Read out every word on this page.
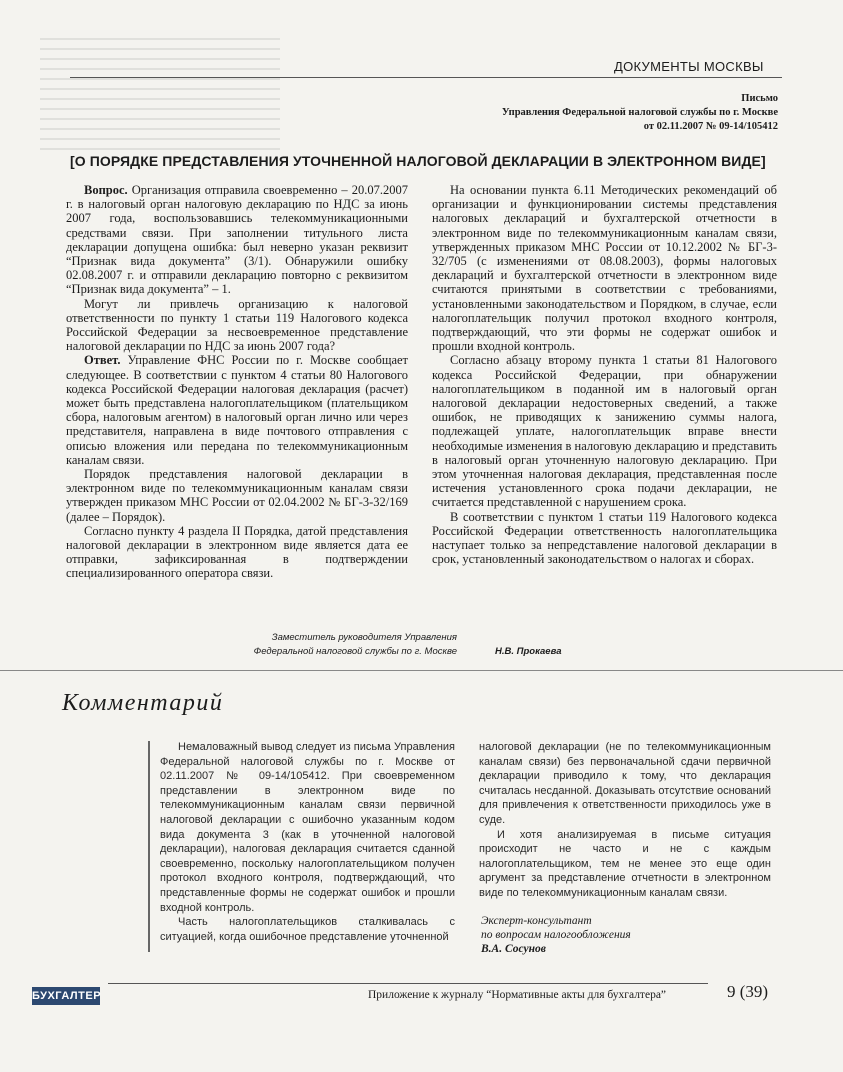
ДОКУМЕНТЫ МОСКВЫ
Письмо
Управления Федеральной налоговой службы по г. Москве
от 02.11.2007 № 09-14/105412
[О ПОРЯДКЕ ПРЕДСТАВЛЕНИЯ УТОЧНЕННОЙ НАЛОГОВОЙ ДЕКЛАРАЦИИ В ЭЛЕКТРОННОМ ВИДЕ]

Вопрос. Организация отправила своевременно – 20.07.2007 г. в налоговый орган налоговую декларацию по НДС за июнь 2007 года, воспользовавшись телекоммуникационными средствами связи. При заполнении титульного листа декларации допущена ошибка: был неверно указан реквизит “Признак вида документа” (3/1). Обнаружили ошибку 02.08.2007 г. и отправили декларацию повторно с реквизитом “Признак вида документа” – 1.

Могут ли привлечь организацию к налоговой ответственности по пункту 1 статьи 119 Налогового кодекса Российской Федерации за несвоевременное представление налоговой декларации по НДС за июнь 2007 года?

Ответ. Управление ФНС России по г. Москве сообщает следующее. В соответствии с пунктом 4 статьи 80 Налогового кодекса Российской Федерации налоговая декларация (расчет) может быть представлена налогоплательщиком (плательщиком сбора, налоговым агентом) в налоговый орган лично или через представителя, направлена в виде почтового отправления с описью вложения или передана по телекоммуникационным каналам связи.

Порядок представления налоговой декларации в электронном виде по телекоммуникационным каналам связи утвержден приказом МНС России от 02.04.2002 № БГ-3-32/169 (далее – Порядок).

Согласно пункту 4 раздела II Порядка, датой представления налоговой декларации в электронном виде является дата ее отправки, зафиксированная в подтверждении специализированного оператора связи.

На основании пункта 6.11 Методических рекомендаций об организации и функционировании системы представления налоговых деклараций и бухгалтерской отчетности в электронном виде по телекоммуникационным каналам связи, утвержденных приказом МНС России от 10.12.2002 № БГ-3-32/705 (с изменениями от 08.08.2003), формы налоговых деклараций и бухгалтерской отчетности в электронном виде считаются принятыми в соответствии с требованиями, установленными законодательством и Порядком, в случае, если налогоплательщик получил протокол входного контроля, подтверждающий, что эти формы не содержат ошибок и прошли входной контроль.

Согласно абзацу второму пункта 1 статьи 81 Налогового кодекса Российской Федерации, при обнаружении налогоплательщиком в поданной им в налоговый орган налоговой декларации недостоверных сведений, а также ошибок, не приводящих к занижению суммы налога, подлежащей уплате, налогоплательщик вправе внести необходимые изменения в налоговую декларацию и представить в налоговый орган уточненную налоговую декларацию. При этом уточненная налоговая декларация, представленная после истечения установленного срока подачи декларации, не считается представленной с нарушением срока.

В соответствии с пунктом 1 статьи 119 Налогового кодекса Российской Федерации ответственность налогоплательщика наступает только за непредставление налоговой декларации в срок, установленный законодательством о налогах и сборах.

Заместитель руководителя Управления
Федеральной налоговой службы по г. Москве	Н.В. Прокаева
Комментарий

Немаловажный вывод следует из письма Управления Федеральной налоговой службы по г. Москве от 02.11.2007 № 09-14/105412. При своевременном представлении в электронном виде по телекоммуникационным каналам связи первичной налоговой декларации с ошибочно указанным кодом вида документа 3 (как в уточненной налоговой декларации), налоговая декларация считается сданной своевременно, поскольку налогоплательщиком получен протокол входного контроля, подтверждающий, что представленные формы не содержат ошибок и прошли входной контроль.

Часть налогоплательщиков сталкивалась с ситуацией, когда ошибочное представление уточненной

налоговой декларации (не по телекоммуникационным каналам связи) без первоначальной сдачи первичной декларации приводило к тому, что декларация считалась несданной. Доказывать отсутствие оснований для привлечения к ответственности приходилось уже в суде.

И хотя анализируемая в письме ситуация происходит не часто и не с каждым налогоплательщиком, тем не менее это еще один аргумент за представление отчетности в электронном виде по телекоммуникационным каналам связи.

Эксперт-консультант
по вопросам налогообложения
В.А. Сосунов
БУХГАЛТЕР	Приложение к журналу “Нормативные акты для бухгалтера”	9 (39)
